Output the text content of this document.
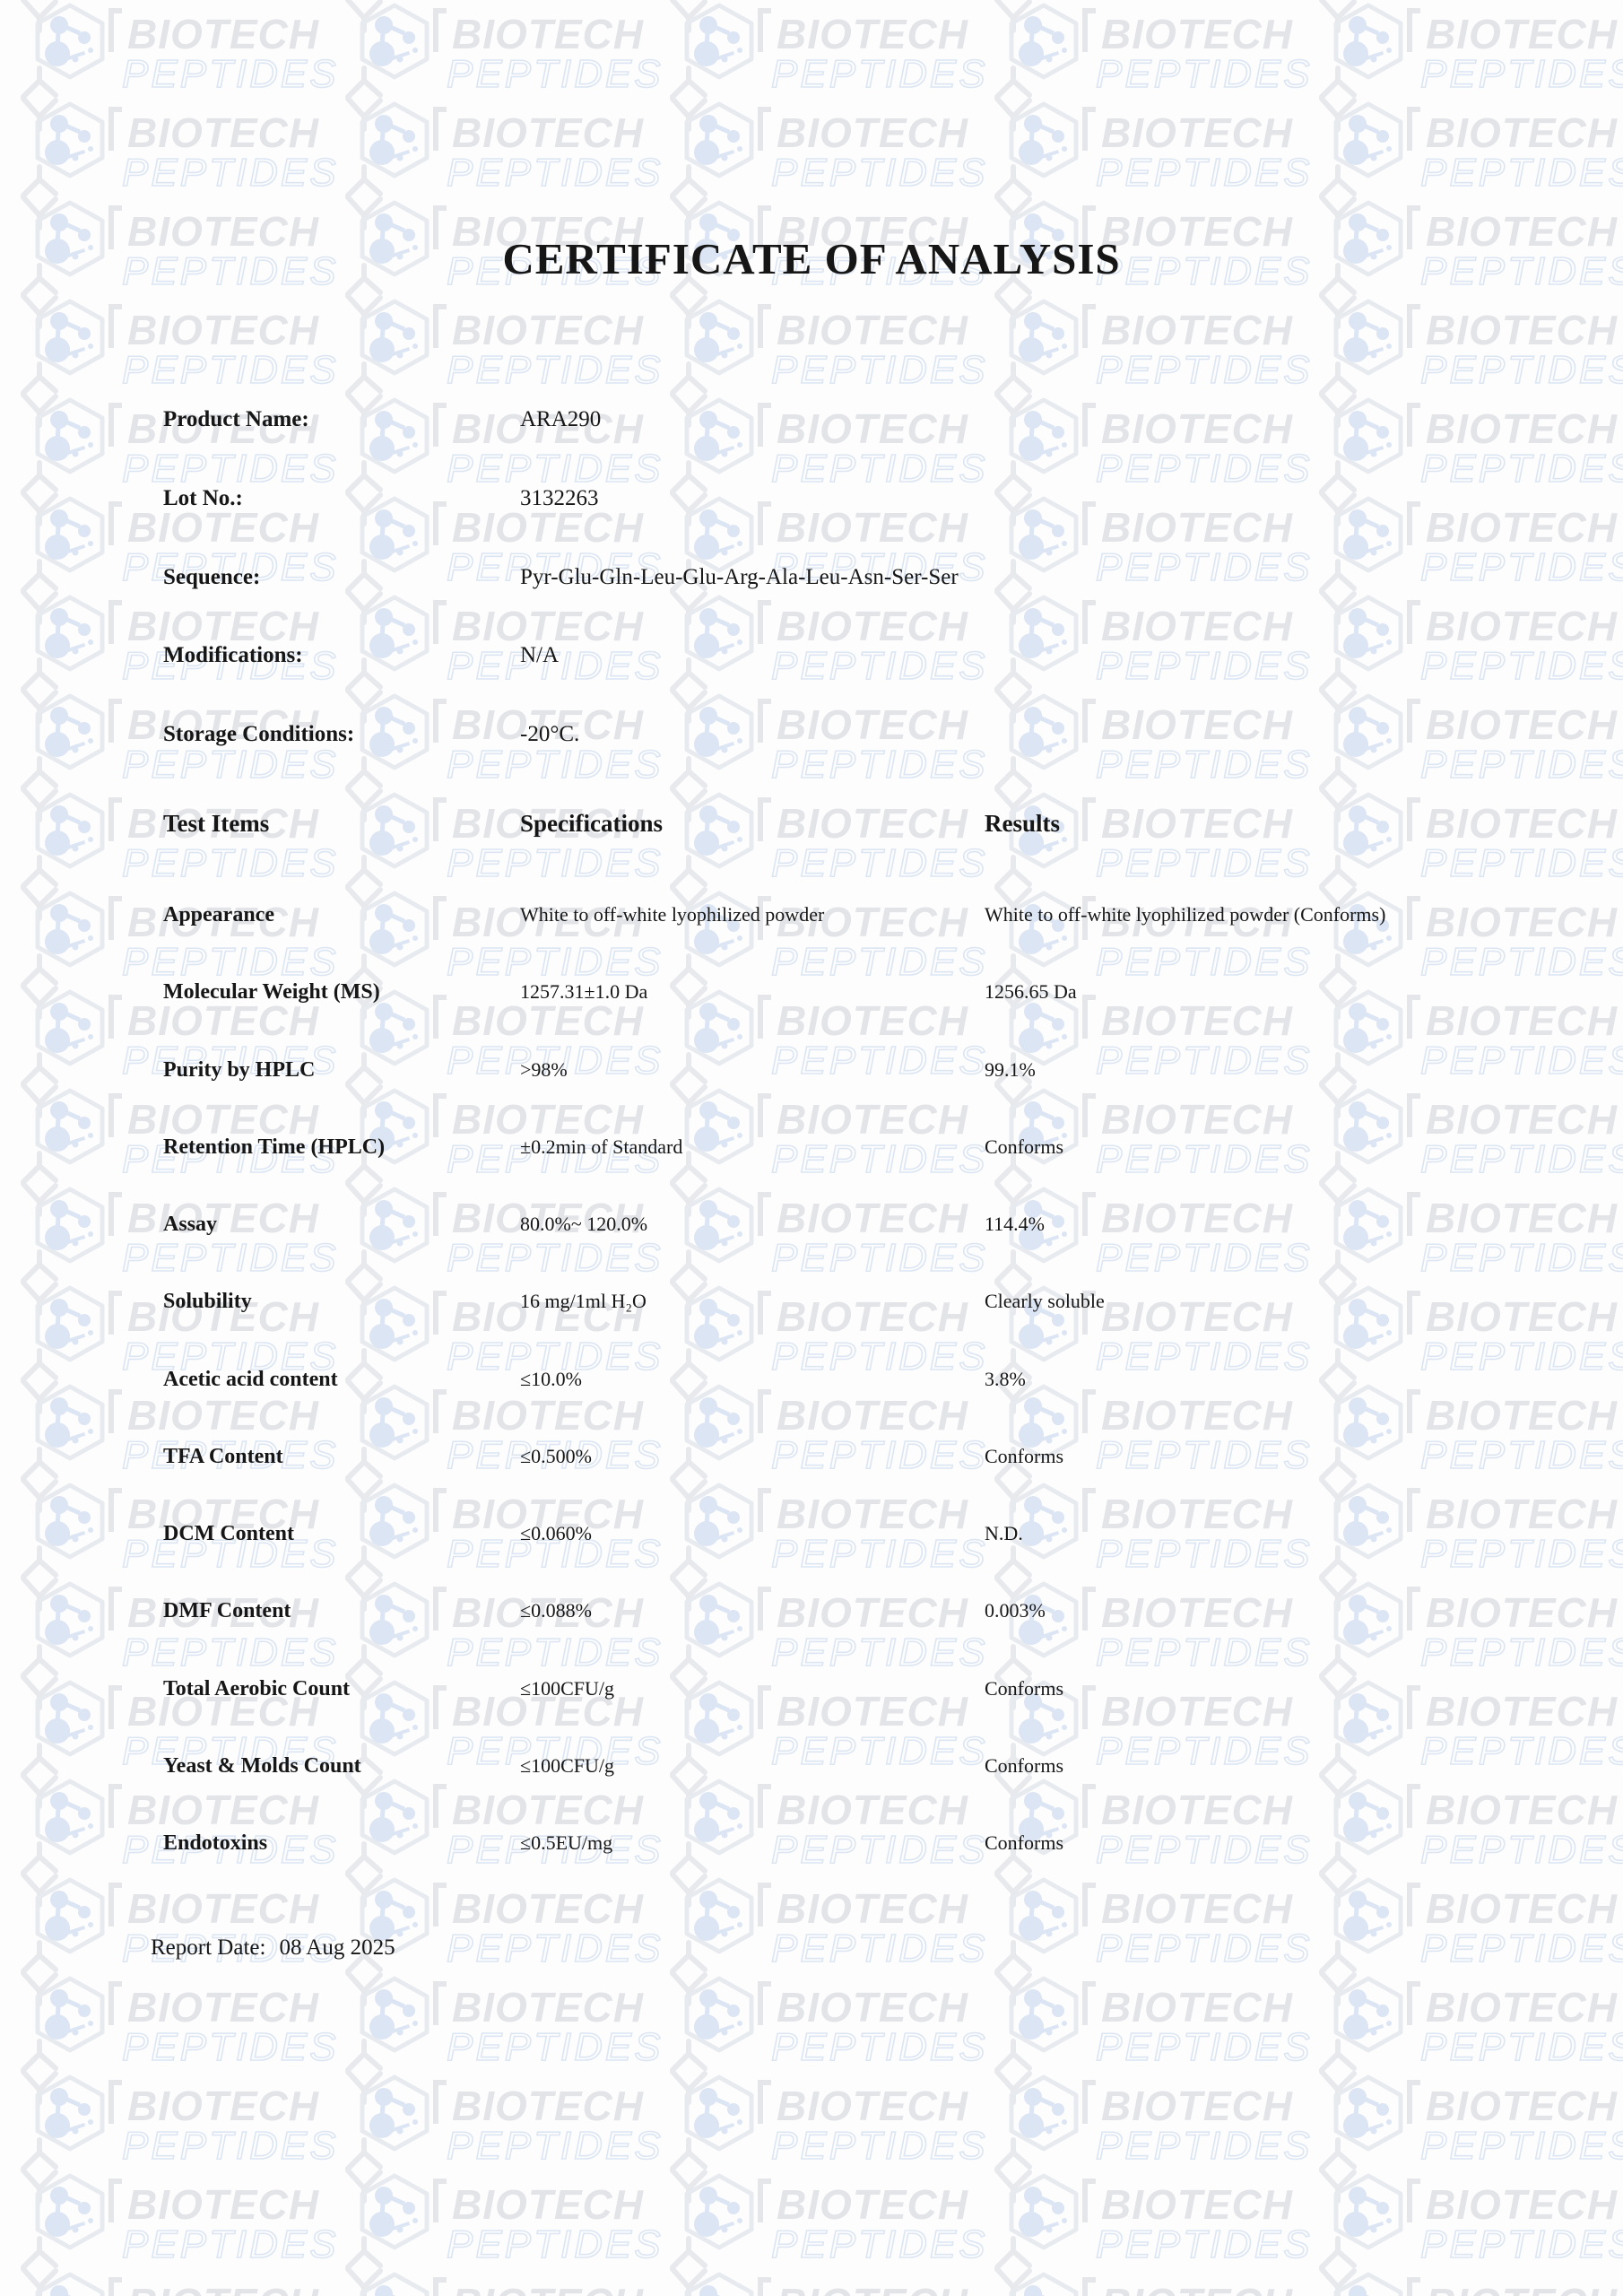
CERTIFICATE OF ANALYSIS
Product Name:	ARA290
Lot No.:	3132263
Sequence:	Pyr-Glu-Gln-Leu-Glu-Arg-Ala-Leu-Asn-Ser-Ser
Modifications:	N/A
Storage Conditions:	-20°C.
Test Items	Specifications	Results
Appearance	White to off-white lyophilized powder	White to off-white lyophilized powder (Conforms)
Molecular Weight (MS)	1257.31±1.0 Da	1256.65 Da
Purity by HPLC	>98%	99.1%
Retention Time (HPLC)	±0.2min of Standard	Conforms
Assay	80.0%~ 120.0%	114.4%
Solubility	16 mg/1ml H₂O	Clearly soluble
Acetic acid content	≤10.0%	3.8%
TFA Content	≤0.500%	Conforms
DCM Content	≤0.060%	N.D.
DMF Content	≤0.088%	0.003%
Total Aerobic Count	≤100CFU/g	Conforms
Yeast & Molds Count	≤100CFU/g	Conforms
Endotoxins	≤0.5EU/mg	Conforms
Report Date: 08 Aug 2025
